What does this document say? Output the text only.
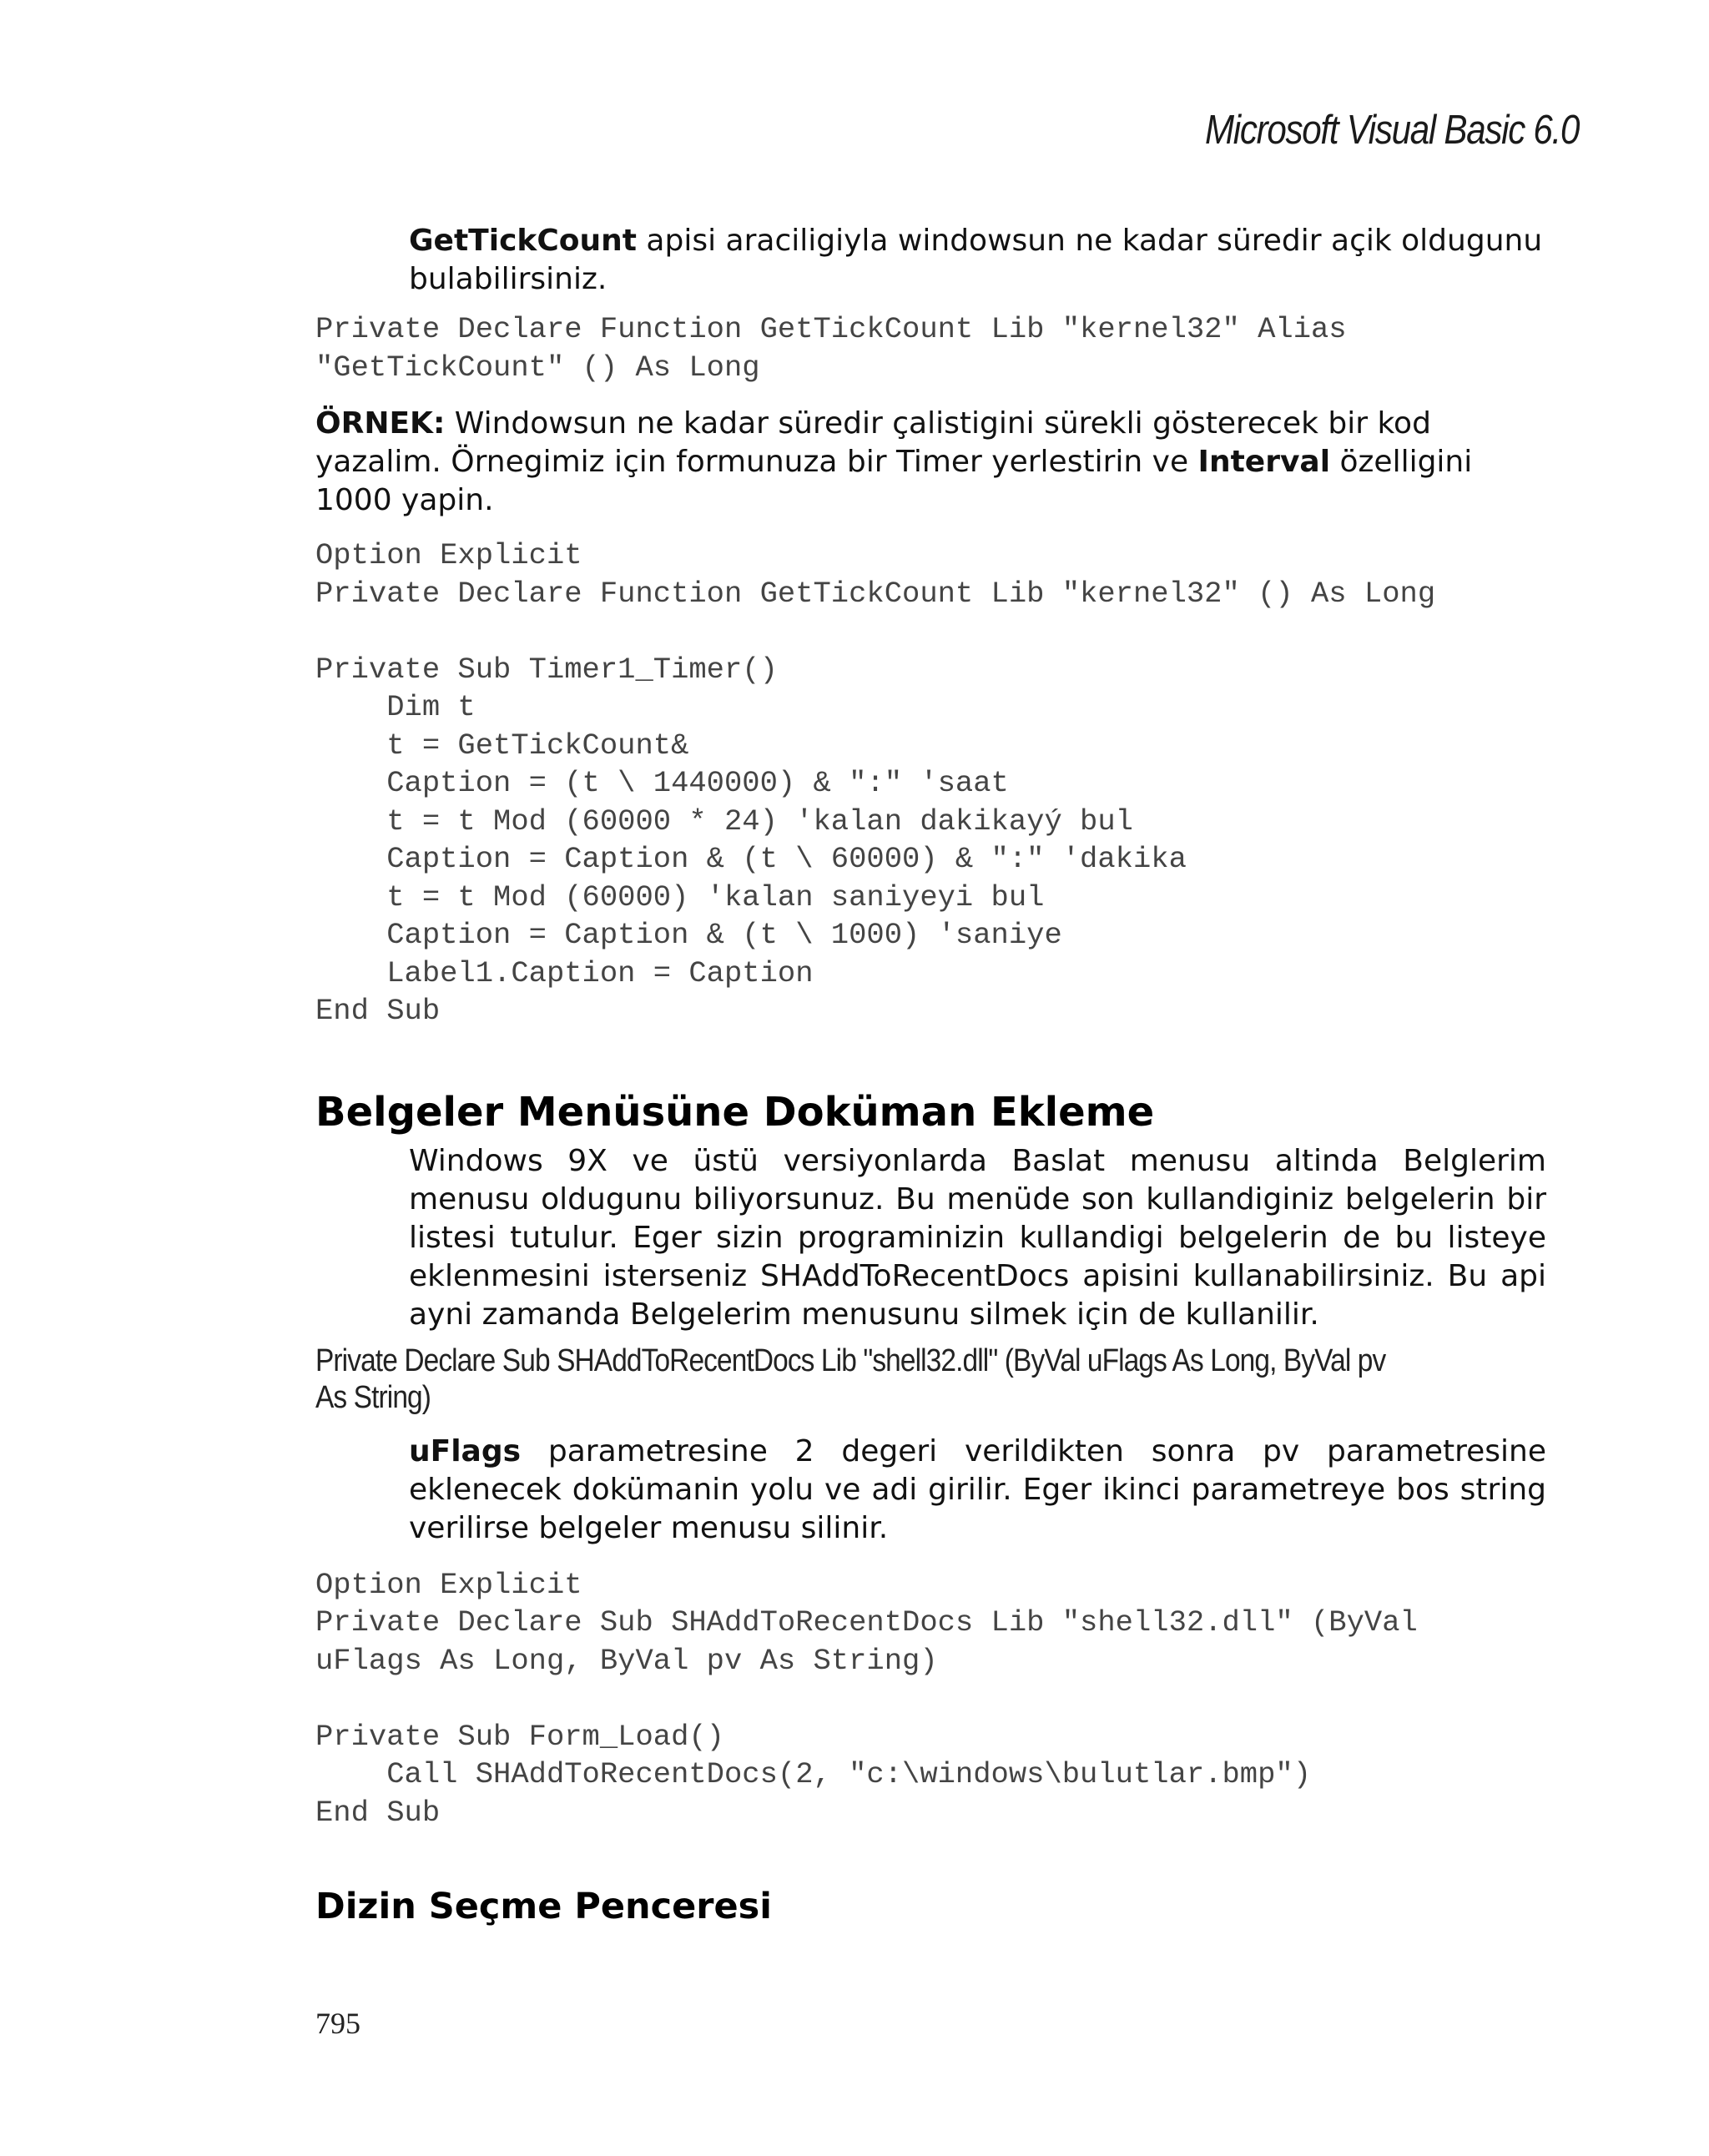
Microsoft Visual Basic 6.0

GetTickCount apisi araciligiyla windowsun ne kadar süredir açik oldugunu bulabilirsiniz.

Private Declare Function GetTickCount Lib "kernel32" Alias

"GetTickCount" () As Long

ÖRNEK: Windowsun ne kadar süredir çalistigini sürekli gösterecek bir kod yazalim. Örnegimiz için formunuza bir Timer yerlestirin ve Interval özelligini 1000 yapin.

Option Explicit
Private Declare Function GetTickCount Lib "kernel32" () As Long

Private Sub Timer1_Timer()
Dim t
t = GetTickCount&
Caption = (t \ 1440000) & ":" 'saat
t = t Mod (60000 * 24) 'kalan dakikayý bul
Caption = Caption & (t \ 60000) & ":" 'dakika
t = t Mod (60000) 'kalan saniyeyi bul
Caption = Caption & (t \ 1000) 'saniye
Label1.Caption = Caption
End Sub
Belgeler Menüsüne Doküman Ekleme

Windows 9X ve üstü versiyonlarda Baslat menusu altinda Belglerim menusu oldugunu biliyorsunuz. Bu menüde son kullandiginiz belgelerin bir listesi tutulur. Eger sizin programinizin kullandigi belgelerin de bu listeye eklenmesini isterseniz SHAddToRecentDocs apisini kullanabilirsiniz. Bu api ayni zamanda Belgelerim menusunu silmek için de kullanilir.

Private Declare Sub SHAddToRecentDocs Lib "shell32.dll" (ByVal uFlags As Long, ByVal pv

As String)

uFlags parametresine 2 degeri verildikten sonra pv parametresine eklenecek dokümanin yolu ve adi girilir. Eger ikinci parametreye bos string verilirse belgeler menusu silinir.

Option Explicit
Private Declare Sub SHAddToRecentDocs Lib "shell32.dll" (ByVal
uFlags As Long, ByVal pv As String)

Private Sub Form_Load()
Call SHAddToRecentDocs(2, "c:\windows\bulutlar.bmp")
End Sub
Dizin Seçme Penceresi
795
